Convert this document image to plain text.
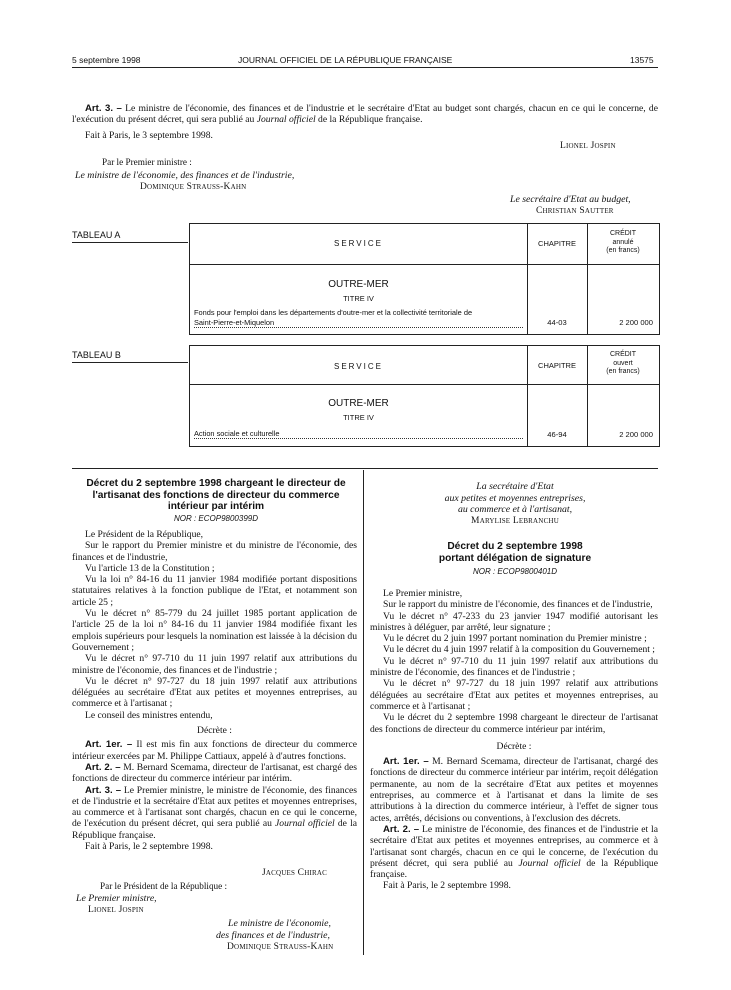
5 septembre 1998	JOURNAL OFFICIEL DE LA RÉPUBLIQUE FRANÇAISE	13575

Art. 3. – Le ministre de l'économie, des finances et de l'industrie et le secrétaire d'Etat au budget sont chargés, chacun en ce qui le concerne, de l'exécution du présent décret, qui sera publié au Journal officiel de la République française.

Fait à Paris, le 3 septembre 1998.

Lionel Jospin
Par le Premier ministre :
Le ministre de l'économie, des finances et de l'industrie,
Dominique Strauss-Kahn
Le secrétaire d'Etat au budget,
Christian Sautter
TABLEAU A
SERVICE	CHAPITRE
CRÉDIT
annulé
(en francs)
OUTRE-MER
TITRE IV
Fonds pour l'emploi dans les départements d'outre-mer et la collectivité territoriale de
Saint-Pierre-et-Miquelon	44-03	2 200 000
TABLEAU B
SERVICE	CHAPITRE
CRÉDIT
ouvert
(en francs)
OUTRE-MER
TITRE IV
Action sociale et culturelle	46-94	2 200 000
Décret du 2 septembre 1998 chargeant le directeur de l'artisanat des fonctions de directeur du commerce intérieur par intérim
NOR : ECOP9800399D

Le Président de la République,

Sur le rapport du Premier ministre et du ministre de l'économie, des finances et de l'industrie,

Vu l'article 13 de la Constitution ;

Vu la loi n° 84-16 du 11 janvier 1984 modifiée portant dispositions statutaires relatives à la fonction publique de l'Etat, et notamment son article 25 ;

Vu le décret n° 85-779 du 24 juillet 1985 portant application de l'article 25 de la loi n° 84-16 du 11 janvier 1984 modifiée fixant les emplois supérieurs pour lesquels la nomination est laissée à la décision du Gouvernement ;

Vu le décret n° 97-710 du 11 juin 1997 relatif aux attributions du ministre de l'économie, des finances et de l'industrie ;

Vu le décret n° 97-727 du 18 juin 1997 relatif aux attributions déléguées au secrétaire d'Etat aux petites et moyennes entreprises, au commerce et à l'artisanat ;

Le conseil des ministres entendu,

Décrète :

Art. 1er. – Il est mis fin aux fonctions de directeur du commerce intérieur exercées par M. Philippe Cattiaux, appelé à d'autres fonctions.

Art. 2. – M. Bernard Scemama, directeur de l'artisanat, est chargé des fonctions de directeur du commerce intérieur par intérim.

Art. 3. – Le Premier ministre, le ministre de l'économie, des finances et de l'industrie et la secrétaire d'Etat aux petites et moyennes entreprises, au commerce et à l'artisanat sont chargés, chacun en ce qui le concerne, de l'exécution du présent décret, qui sera publié au Journal officiel de la République française.

Fait à Paris, le 2 septembre 1998.

Jacques Chirac
Par le Président de la République :
Le Premier ministre,
Lionel Jospin
Le ministre de l'économie,
des finances et de l'industrie,
Dominique Strauss-Kahn
La secrétaire d'Etat
aux petites et moyennes entreprises,
au commerce et à l'artisanat,
Marylise Lebranchu
Décret du 2 septembre 1998
portant délégation de signature
NOR : ECOP9800401D

Le Premier ministre,

Sur le rapport du ministre de l'économie, des finances et de l'industrie,

Vu le décret n° 47-233 du 23 janvier 1947 modifié autorisant les ministres à déléguer, par arrêté, leur signature ;

Vu le décret du 2 juin 1997 portant nomination du Premier ministre ;

Vu le décret du 4 juin 1997 relatif à la composition du Gouvernement ;

Vu le décret n° 97-710 du 11 juin 1997 relatif aux attributions du ministre de l'économie, des finances et de l'industrie ;

Vu le décret n° 97-727 du 18 juin 1997 relatif aux attributions déléguées au secrétaire d'Etat aux petites et moyennes entreprises, au commerce et à l'artisanat ;

Vu le décret du 2 septembre 1998 chargeant le directeur de l'artisanat des fonctions de directeur du commerce intérieur par intérim,

Décrète :

Art. 1er. – M. Bernard Scemama, directeur de l'artisanat, chargé des fonctions de directeur du commerce intérieur par intérim, reçoit délégation permanente, au nom de la secrétaire d'Etat aux petites et moyennes entreprises, au commerce et à l'artisanat et dans la limite de ses attributions à la direction du commerce intérieur, à l'effet de signer tous actes, arrêtés, décisions ou conventions, à l'exclusion des décrets.

Art. 2. – Le ministre de l'économie, des finances et de l'industrie et la secrétaire d'Etat aux petites et moyennes entreprises, au commerce et à l'artisanat sont chargés, chacun en ce qui le concerne, de l'exécution du présent décret, qui sera publié au Journal officiel de la République française.

Fait à Paris, le 2 septembre 1998.
